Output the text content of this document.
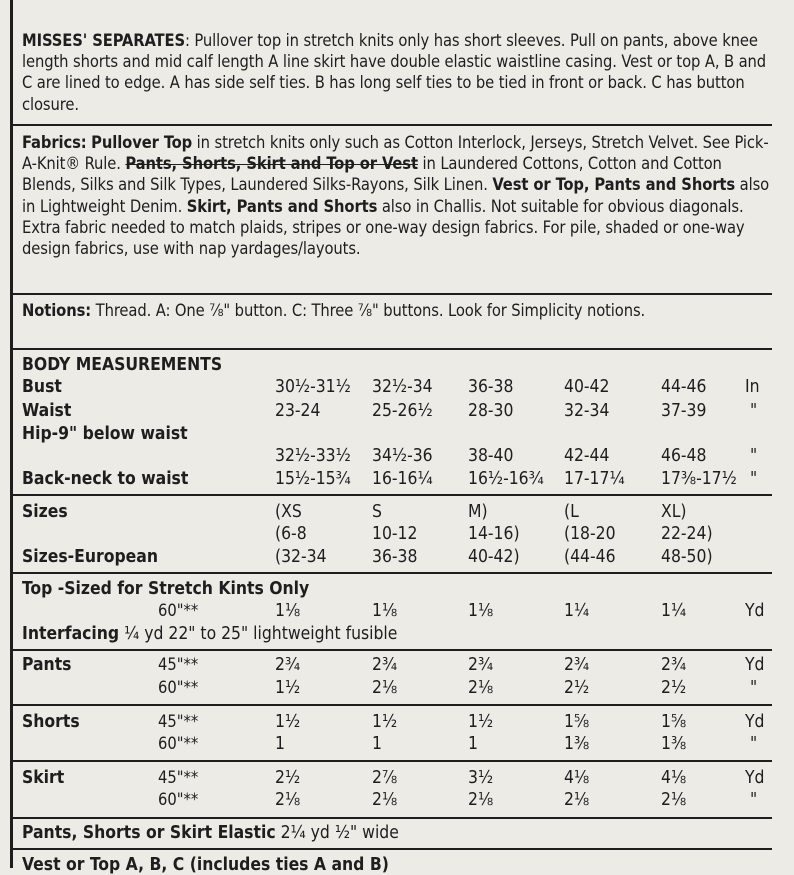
MISSES' SEPARATES: Pullover top in stretch knits only has short sleeves. Pull on pants, above knee length shorts and mid calf length A line skirt have double elastic waistline casing. Vest or top A, B and C are lined to edge. A has side self ties. B has long self ties to be tied in front or back. C has button closure.
Fabrics: Pullover Top in stretch knits only such as Cotton Interlock, Jerseys, Stretch Velvet. See Pick-A-Knit® Rule. Pants, Shorts, Skirt and Top or Vest in Laundered Cottons, Cotton and Cotton Blends, Silks and Silk Types, Laundered Silks-Rayons, Silk Linen. Vest or Top, Pants and Shorts also in Lightweight Denim. Skirt, Pants and Shorts also in Challis. Not suitable for obvious diagonals. Extra fabric needed to match plaids, stripes or one-way design fabrics. For pile, shaded or one-way design fabrics, use with nap yardages/layouts.
Notions: Thread. A: One ⅞" button. C: Three ⅞" buttons. Look for Simplicity notions.
BODY MEASUREMENTS
Bust	30½-31½ 32½-34 36-38	40-42	44-46 In
Waist	23-24	25-26½ 28-30	32-34	37-39	"
Hip-9" below waist
32½-33½ 34½-36 38-40	42-44	46-48	"
Back-neck to waist	15½-15¾ 16-16¼ 16½-16¾ 17-17¼ 17⅜-17½ "
Sizes	(XS	S	M)	(L	XL)
(6-8	10-12	14-16)	(18-20	22-24)
Sizes-European	(32-34	36-38	40-42)	(44-46	48-50)
Top -Sized for Stretch Kints Only
60"**	1⅛	1⅛	1⅛	1¼	1¼	Yd
Interfacing ¼ yd 22" to 25" lightweight fusible
Pants	45"**	2¾	2¾	2¾	2¾	2¾	Yd
60"**	1½	2⅛	2⅛	2½	2½	"
Shorts	45"**	1½	1½	1½	1⅝	1⅝	Yd
60"**	1	1	1	1⅜	1⅜	"
Skirt	45"**	2½	2⅞	3½	4⅛	4⅛	Yd
60"**	2⅛	2⅛	2⅛	2⅛	2⅛	"
Pants, Shorts or Skirt Elastic 2¼ yd ½" wide
Vest or Top A, B, C (includes ties A and B)
